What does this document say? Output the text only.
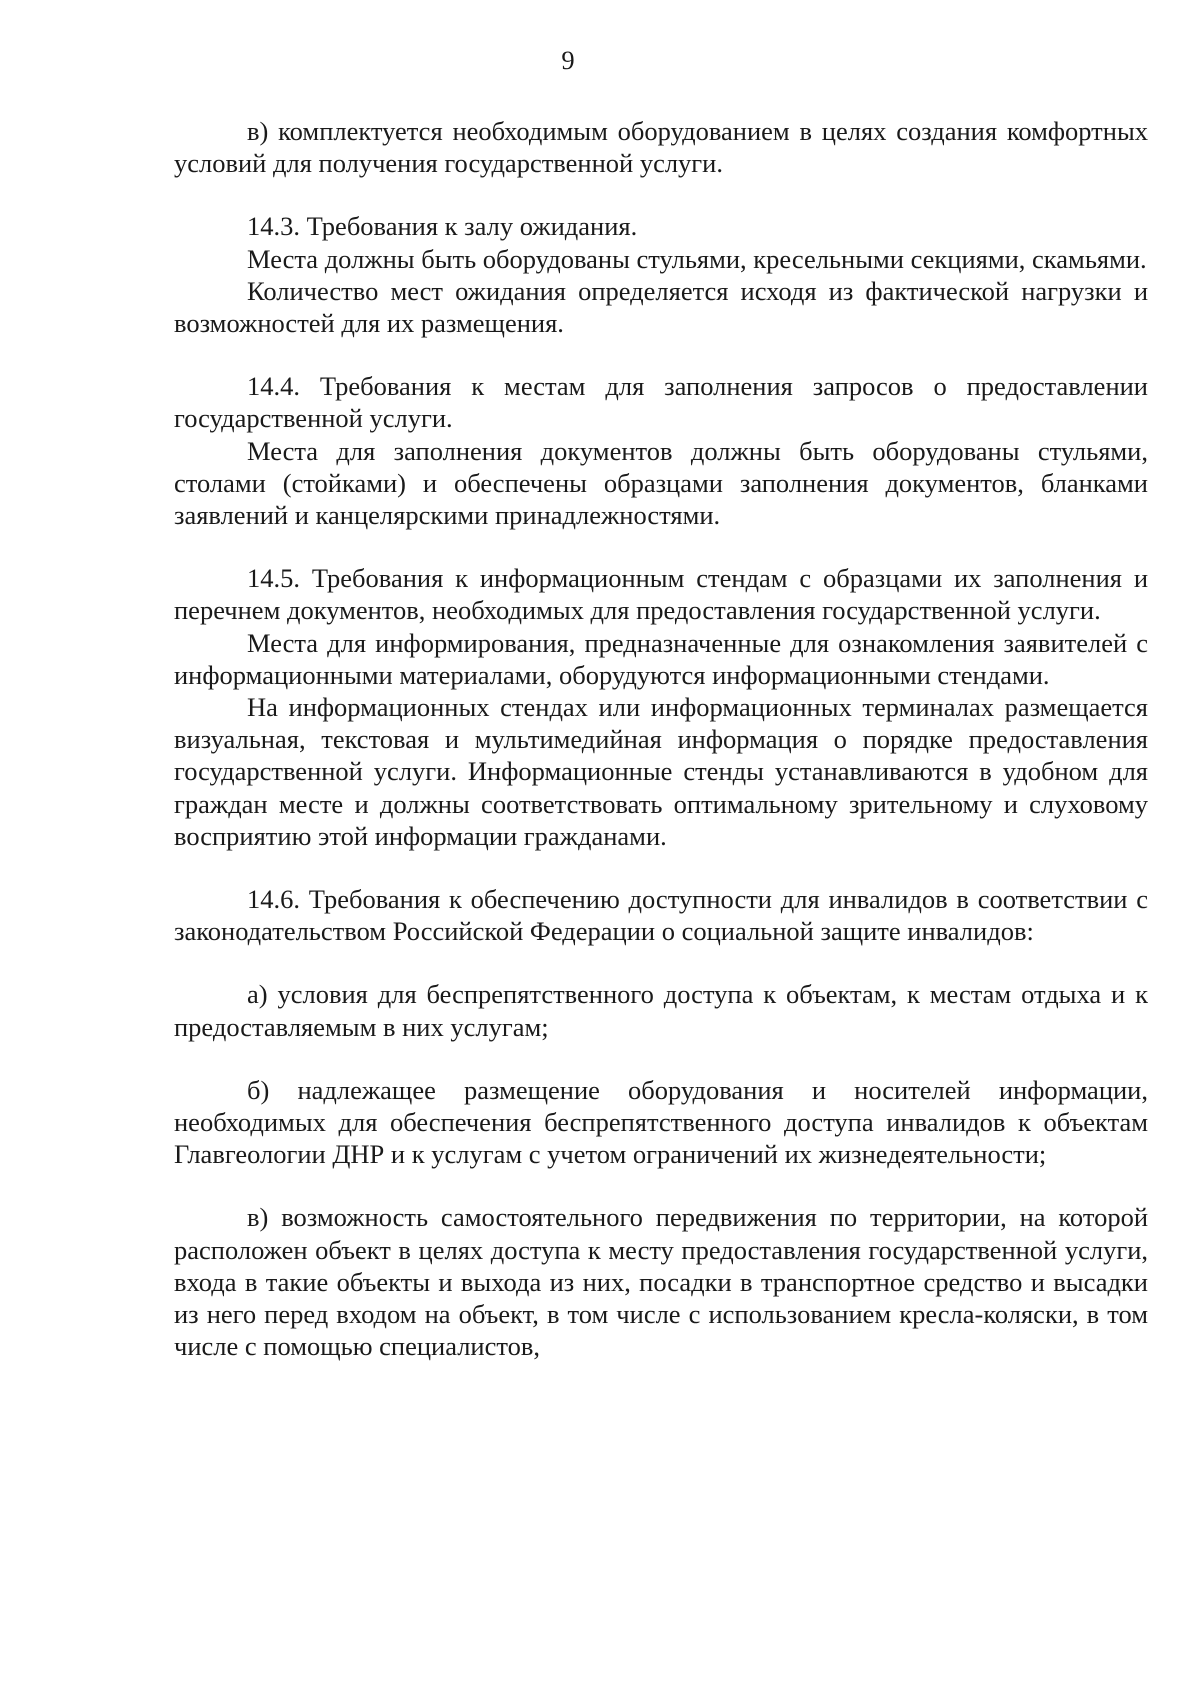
9

в) комплектуется необходимым оборудованием в целях создания комфортных условий для получения государственной услуги.

14.3. Требования к залу ожидания.

Места должны быть оборудованы стульями, кресельными секциями, скамьями.

Количество мест ожидания определяется исходя из фактической нагрузки и возможностей для их размещения.

14.4. Требования к местам для заполнения запросов о предоставлении государственной услуги.

Места для заполнения документов должны быть оборудованы стульями, столами (стойками) и обеспечены образцами заполнения документов, бланками заявлений и канцелярскими принадлежностями.

14.5. Требования к информационным стендам с образцами их заполнения и перечнем документов, необходимых для предоставления государственной услуги.

Места для информирования, предназначенные для ознакомления заявителей с информационными материалами, оборудуются информационными стендами.

На информационных стендах или информационных терминалах размещается визуальная, текстовая и мультимедийная информация о порядке предоставления государственной услуги. Информационные стенды устанавливаются в удобном для граждан месте и должны соответствовать оптимальному зрительному и слуховому восприятию этой информации гражданами.

14.6. Требования к обеспечению доступности для инвалидов в соответствии с законодательством Российской Федерации о социальной защите инвалидов:

а) условия для беспрепятственного доступа к объектам, к местам отдыха и к предоставляемым в них услугам;

б) надлежащее размещение оборудования и носителей информации, необходимых для обеспечения беспрепятственного доступа инвалидов к объектам Главгеологии ДНР и к услугам с учетом ограничений их жизнедеятельности;

в) возможность самостоятельного передвижения по территории, на которой расположен объект в целях доступа к месту предоставления государственной услуги, входа в такие объекты и выхода из них, посадки в транспортное средство и высадки из него перед входом на объект, в том числе с использованием кресла-коляски, в том числе с помощью специалистов,
